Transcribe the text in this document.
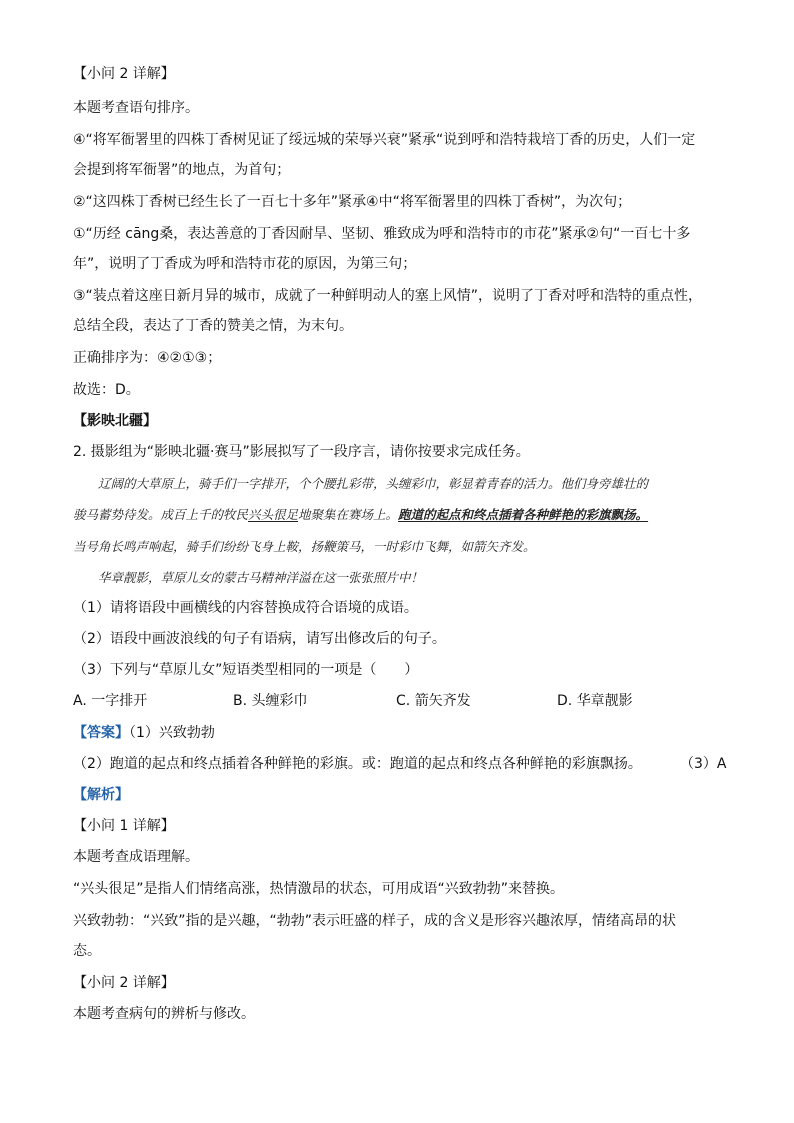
【小问 2 详解】
本题考查语句排序。
④“将军衙署里的四株丁香树见证了绥远城的荣辱兴衰”紧承“说到呼和浩特栽培丁香的历史，人们一定
会提到将军衙署”的地点，为首句；
②“这四株丁香树已经生长了一百七十多年”紧承④中“将军衙署里的四株丁香树”，为次句；
①“历经 cāng桑，表达善意的丁香因耐旱、坚韧、雅致成为呼和浩特市的市花”紧承②句“一百七十多
年”，说明了丁香成为呼和浩特市花的原因，为第三句；
③“装点着这座日新月异的城市，成就了一种鲜明动人的塞上风情”，说明了丁香对呼和浩特的重点性，
总结全段，表达了丁香的赞美之情，为末句。
正确排序为：④②①③；
故选：D。
【影映北疆】
2. 摄影组为“影映北疆·赛马”影展拟写了一段序言，请你按要求完成任务。
辽阔的大草原上，骑手们一字排开，个个腰扎彩带，头缠彩巾，彰显着青春的活力。他们身旁雄壮的
骏马蓄势待发。成百上千的牧民兴头很足地聚集在赛场上。跑道的起点和终点插着各种鲜艳的彩旗飘扬。
当号角长鸣声响起，骑手们纷纷飞身上鞍，扬鞭策马，一时彩巾飞舞，如箭矢齐发。
华章靓影，草原儿女的蒙古马精神洋溢在这一张张照片中！
（1）请将语段中画横线的内容替换成符合语境的成语。
（2）语段中画波浪线的句子有语病，请写出修改后的句子。
（3）下列与“草原儿女”短语类型相同的一项是（　　）
A. 一字排开	B. 头缠彩巾	C. 箭矢齐发	D. 华章靓影
【答案】（1）兴致勃勃
（2）跑道的起点和终点插着各种鲜艳的彩旗。或：跑道的起点和终点各种鲜艳的彩旗飘扬。	（3）A
【解析】
【小问 1 详解】
本题考查成语理解。
“兴头很足”是指人们情绪高涨，热情激昂的状态，可用成语“兴致勃勃”来替换。
兴致勃勃：“兴致”指的是兴趣，“勃勃”表示旺盛的样子，成的含义是形容兴趣浓厚，情绪高昂的状
态。
【小问 2 详解】
本题考查病句的辨析与修改。
